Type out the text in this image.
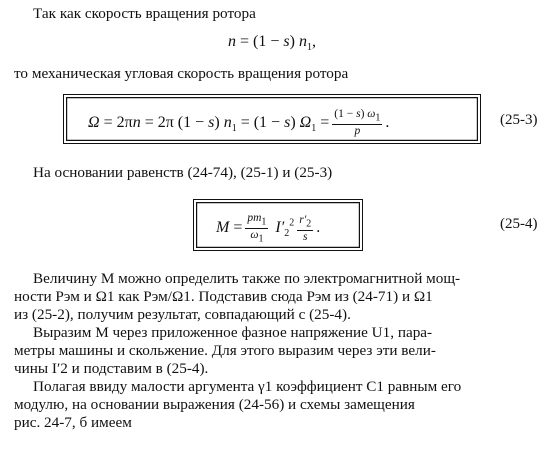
Так как скорость вращения ротора
n = (1 − s) $n_1$,
то механическая угловая скорость вращения ротора
Ω = 2πn = 2π (1 − s) $n_1 = (1 - s) \Omega_1 = \frac{(1 - s) \omega_1}{p}$ .	(25-3)
На основании равенств (24-74), (25-1) и (25-3)
$M = \frac{pm_1}{\omega_1} I'_2^2 \frac{r'_2}{s}$ .	(25-4)
Величину M можно определить также по электромагнитной мощ-
ности Pэм и Ω1 как Pэм/Ω1. Подставив сюда Pэм из (24-71) и Ω1
из (25-2), получим результат, совпадающий с (25-4).
Выразим M через приложенное фазное напряжение U1, пара-
метры машины и скольжение. Для этого выразим через эти вели-
чины I′2 и подставим в (25-4).
Полагая ввиду малости аргумента γ1 коэффициент C1 равным его
модулю, на основании выражения (24-56) и схемы замещения
рис. 24-7, б имеем
